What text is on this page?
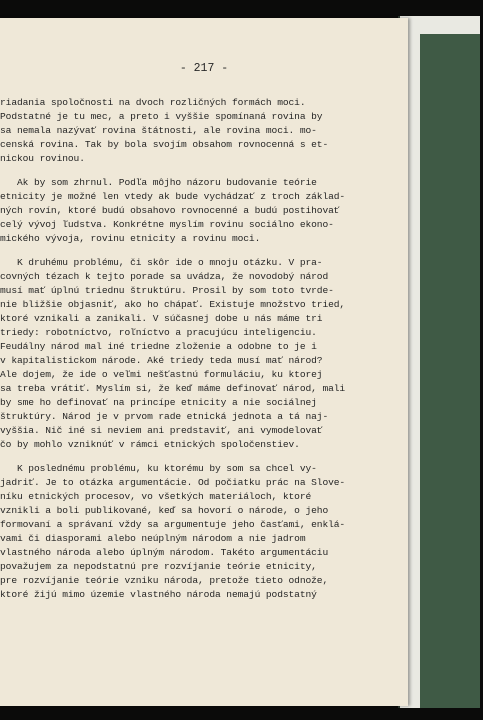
- 217 -
riadania spoločnosti na dvoch rozličných formách moci.
Podstatné je tu mec, a preto i vyššie spomínaná rovina by
sa nemala nazývať rovina štátnosti, ale rovina moci. mo-
censká rovina. Tak by bola svojím obsahom rovnocenná s et-
nickou rovinou.
Ak by som zhrnul. Podľa môjho názoru budovanie teórie
etnicity je možné len vtedy ak bude vychádzať z troch základ-
ných rovín, ktoré budú obsahovo rovnocenné a budú postihovať
celý vývoj ľudstva. Konkrétne myslím rovinu sociálno ekono-
mického vývoja, rovinu etnicity a rovinu moci.
K druhému problému, či skôr ide o mnoju otázku. V pra-
covných tézach k tejto porade sa uvádza, že novodobý národ
musí mať úplnú triednu štruktúru. Prosil by som toto tvrde-
nie bližšie objasniť, ako ho chápať. Existuje množstvo tried,
ktoré vznikali a zanikali. V súčasnej dobe u nás máme tri
triedy: robotníctvo, roľníctvo a pracujúcu inteligenciu.
Feudálny národ mal iné triedne zloženie a odobne to je i
v kapitalistickom národe. Aké triedy teda musí mať národ?
Ale dojem, že ide o veľmi nešťastnú formuláciu, ku ktorej
sa treba vrátiť. Myslím si, že keď máme definovať národ, mali
by sme ho definovať na princípe etnicity a nie sociálnej
štruktúry. Národ je v prvom rade etnická jednota a tá naj-
vyššia. Nič iné si neviem ani predstaviť, ani vymodelovať
čo by mohlo vzniknúť v rámci etnických spoločenstiev.
K poslednému problému, ku ktorému by som sa chcel vy-
jadriť. Je to otázka argumentácie. Od počiatku prác na Slove-
níku etnických procesov, vo všetkých materiáloch, ktoré
vznikli a boli publikované, keď sa hovorí o národe, o jeho
formovaní a správaní vždy sa argumentuje jeho časťami, enklá-
vami či diasporami alebo neúplným národom a nie jadrom
vlastného národa alebo úplným národom. Takéto argumentáciu
považujem za nepodstatnú pre rozvíjanie teórie etnicity,
pre rozvíjanie teórie vzniku národa, pretože tieto odnože,
ktoré žijú mimo územie vlastného národa nemajú podstatný
